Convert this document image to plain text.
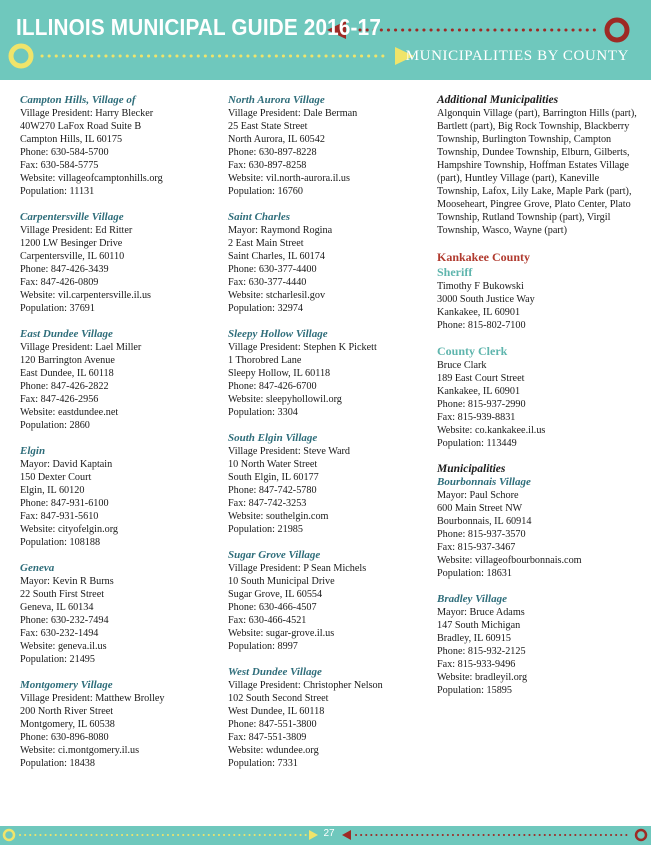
ILLINOIS MUNICIPAL GUIDE 2016-17
MUNICIPALITIES BY COUNTY
Campton Hills, Village of
Village President: Harry Blecker
40W270 LaFox Road Suite B
Campton Hills, IL 60175
Phone: 630-584-5700
Fax: 630-584-5775
Website: villageofcamptonhills.org
Population: 11131
Carpentersville Village
Village President: Ed Ritter
1200 LW Besinger Drive
Carpentersville, IL 60110
Phone: 847-426-3439
Fax: 847-426-0809
Website: vil.carpentersville.il.us
Population: 37691
East Dundee Village
Village President: Lael Miller
120 Barrington Avenue
East Dundee, IL 60118
Phone: 847-426-2822
Fax: 847-426-2956
Website: eastdundee.net
Population: 2860
Elgin
Mayor: David Kaptain
150 Dexter Court
Elgin, IL 60120
Phone: 847-931-6100
Fax: 847-931-5610
Website: cityofelgin.org
Population: 108188
Geneva
Mayor: Kevin R Burns
22 South First Street
Geneva, IL 60134
Phone: 630-232-7494
Fax: 630-232-1494
Website: geneva.il.us
Population: 21495
Montgomery Village
Village President: Matthew Brolley
200 North River Street
Montgomery, IL 60538
Phone: 630-896-8080
Website: ci.montgomery.il.us
Population: 18438
North Aurora Village
Village President: Dale Berman
25 East State Street
North Aurora, IL 60542
Phone: 630-897-8228
Fax: 630-897-8258
Website: vil.north-aurora.il.us
Population: 16760
Saint Charles
Mayor: Raymond Rogina
2 East Main Street
Saint Charles, IL 60174
Phone: 630-377-4400
Fax: 630-377-4440
Website: stcharlesil.gov
Population: 32974
Sleepy Hollow Village
Village President: Stephen K Pickett
1 Thorobred Lane
Sleepy Hollow, IL 60118
Phone: 847-426-6700
Website: sleepyhollowil.org
Population: 3304
South Elgin Village
Village President: Steve Ward
10 North Water Street
South Elgin, IL 60177
Phone: 847-742-5780
Fax: 847-742-3253
Website: southelgin.com
Population: 21985
Sugar Grove Village
Village President: P Sean Michels
10 South Municipal Drive
Sugar Grove, IL 60554
Phone: 630-466-4507
Fax: 630-466-4521
Website: sugar-grove.il.us
Population: 8997
West Dundee Village
Village President: Christopher Nelson
102 South Second Street
West Dundee, IL 60118
Phone: 847-551-3800
Fax: 847-551-3809
Website: wdundee.org
Population: 7331
Additional Municipalities
Algonquin Village (part), Barrington Hills (part), Bartlett (part), Big Rock Township, Blackberry Township, Burlington Township, Campton Township, Dundee Township, Elburn, Gilberts, Hampshire Township, Hoffman Estates Village (part), Huntley Village (part), Kaneville Township, Lafox, Lily Lake, Maple Park (part), Mooseheart, Pingree Grove, Plato Center, Plato Township, Rutland Township (part), Virgil Township, Wasco, Wayne (part)
Kankakee County
Sheriff
Timothy F Bukowski
3000 South Justice Way
Kankakee, IL 60901
Phone: 815-802-7100
County Clerk
Bruce Clark
189 East Court Street
Kankakee, IL 60901
Phone: 815-937-2990
Fax: 815-939-8831
Website: co.kankakee.il.us
Population: 113449
Municipalities
Bourbonnais Village
Mayor: Paul Schore
600 Main Street NW
Bourbonnais, IL 60914
Phone: 815-937-3570
Fax: 815-937-3467
Website: villageofbourbonnais.com
Population: 18631
Bradley Village
Mayor: Bruce Adams
147 South Michigan
Bradley, IL 60915
Phone: 815-932-2125
Fax: 815-933-9496
Website: bradleyil.org
Population: 15895
27
